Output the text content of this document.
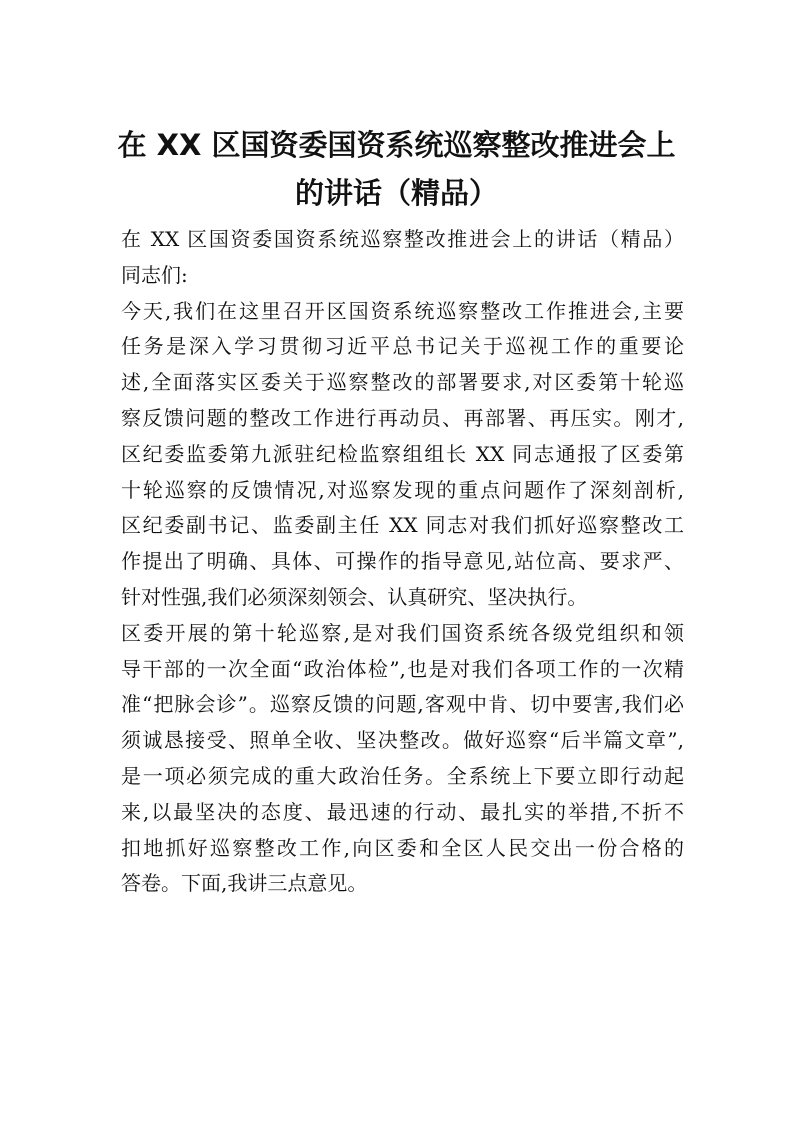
在 XX 区国资委国资系统巡察整改推进会上
的讲话（精品）
在 XX 区国资委国资系统巡察整改推进会上的讲话（精品）
同志们:
今天,我们在这里召开区国资系统巡察整改工作推进会,主要
任务是深入学习贯彻习近平总书记关于巡视工作的重要论
述,全面落实区委关于巡察整改的部署要求,对区委第十轮巡
察反馈问题的整改工作进行再动员、再部署、再压实。刚才,
区纪委监委第九派驻纪检监察组组长 XX 同志通报了区委第
十轮巡察的反馈情况,对巡察发现的重点问题作了深刻剖析,
区纪委副书记、监委副主任 XX 同志对我们抓好巡察整改工
作提出了明确、具体、可操作的指导意见,站位高、要求严、
针对性强,我们必须深刻领会、认真研究、坚决执行。
区委开展的第十轮巡察,是对我们国资系统各级党组织和领
导干部的一次全面“政治体检”,也是对我们各项工作的一次精
准“把脉会诊”。巡察反馈的问题,客观中肯、切中要害,我们必
须诚恳接受、照单全收、坚决整改。做好巡察“后半篇文章”,
是一项必须完成的重大政治任务。全系统上下要立即行动起
来,以最坚决的态度、最迅速的行动、最扎实的举措,不折不
扣地抓好巡察整改工作,向区委和全区人民交出一份合格的
答卷。下面,我讲三点意见。
